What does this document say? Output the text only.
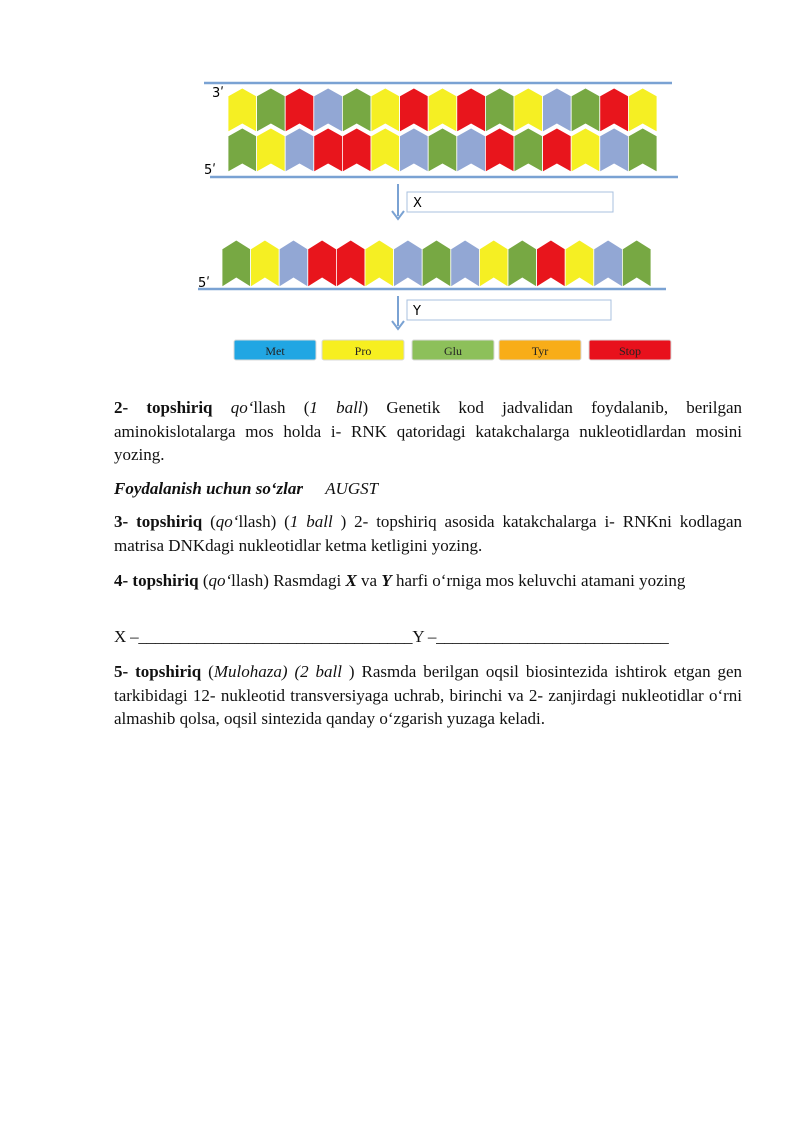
3ʹ
5ʹ
X
5ʹ
Y
Met	Pro	Glu	Tyr	Stop
2- topshiriq qo‘llash (1 ball) Genetik kod jadvalidan foydalanib, berilgan aminokislotalarga mos holda i- RNK qatoridagi katakchalarga nukleotidlardan mosini yozing.
Foydalanish uchun so‘zlar AUGST
3- topshiriq (qo‘llash) (1 ball ) 2- topshiriq asosida katakchalarga i- RNKni kodlagan matrisa DNKdagi nukleotidlar ketma ketligini yozing.
4- topshiriq (qo‘llash) Rasmdagi X va Y harfi o‘rniga mos keluvchi atamani yozing
X –_________________________________Y –____________________________
5- topshiriq (Mulohaza) (2 ball ) Rasmda berilgan oqsil biosintezida ishtirok etgan gen tarkibidagi 12- nukleotid transversiyaga uchrab, birinchi va 2- zanjirdagi nukleotidlar o‘rni almashib qolsa, oqsil sintezida qanday o‘zgarish yuzaga keladi.
